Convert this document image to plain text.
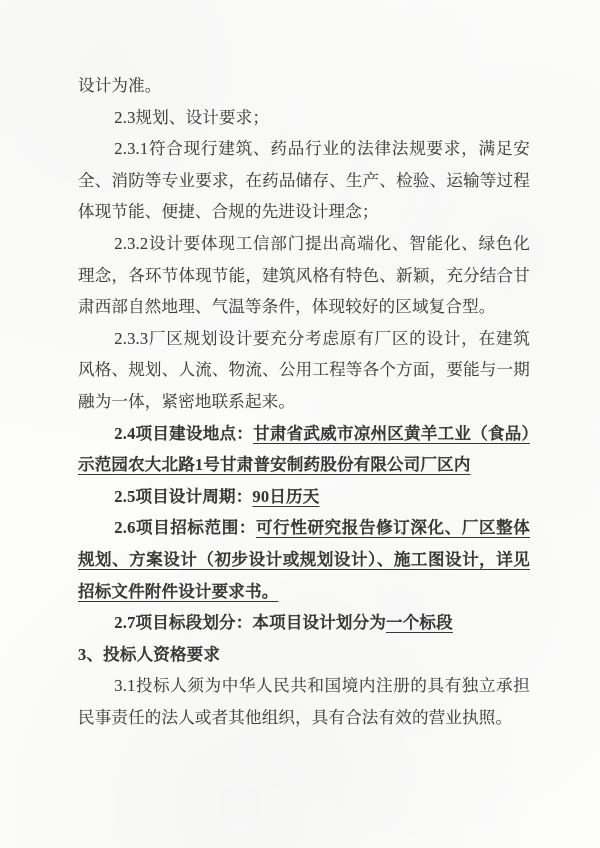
设计为准。

2.3规划、设计要求；

2.3.1符合现行建筑、药品行业的法律法规要求，满足安全、消防等专业要求，在药品储存、生产、检验、运输等过程体现节能、便捷、合规的先进设计理念；

2.3.2设计要体现工信部门提出高端化、智能化、绿色化理念，各环节体现节能，建筑风格有特色、新颖，充分结合甘肃西部自然地理、气温等条件，体现较好的区域复合型。

2.3.3厂区规划设计要充分考虑原有厂区的设计，在建筑风格、规划、人流、物流、公用工程等各个方面，要能与一期融为一体，紧密地联系起来。

2.4项目建设地点：甘肃省武威市凉州区黄羊工业（食品）示范园农大北路1号甘肃普安制药股份有限公司厂区内

2.5项目设计周期：90日历天

2.6项目招标范围：可行性研究报告修订深化、厂区整体规划、方案设计（初步设计或规划设计）、施工图设计，详见招标文件附件设计要求书。

2.7项目标段划分：本项目设计划分为一个标段

3、投标人资格要求

3.1投标人须为中华人民共和国境内注册的具有独立承担民事责任的法人或者其他组织，具有合法有效的营业执照。
